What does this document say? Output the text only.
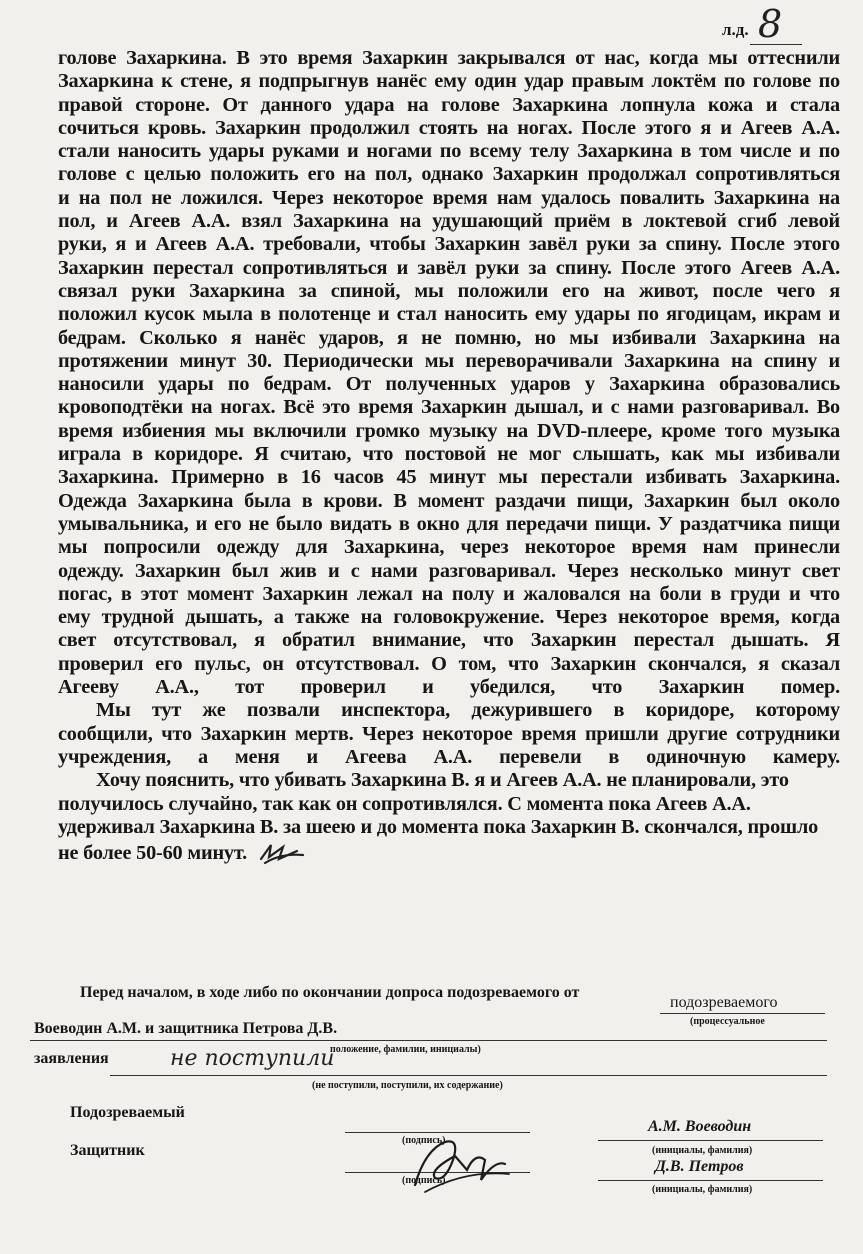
л.д. 8

голове Захаркина. В это время Захаркин закрывался от нас, когда мы оттеснили
Захаркина к стене, я подпрыгнув нанёс ему один удар правым локтём по голове по
правой стороне. От данного удара на голове Захаркина лопнула кожа и стала
сочиться кровь. Захаркин продолжил стоять на ногах. После этого я и Агеев А.А.
стали наносить удары руками и ногами по всему телу Захаркина в том числе и по
голове с целью положить его на пол, однако Захаркин продолжал сопротивляться
и на пол не ложился. Через некоторое время нам удалось повалить Захаркина на
пол, и Агеев А.А. взял Захаркина на удушающий приём в локтевой сгиб левой
руки, я и Агеев А.А. требовали, чтобы Захаркин завёл руки за спину. После этого
Захаркин перестал сопротивляться и завёл руки за спину. После этого Агеев А.А.
связал руки Захаркина за спиной, мы положили его на живот, после чего я
положил кусок мыла в полотенце и стал наносить ему удары по ягодицам, икрам и
бедрам. Сколько я нанёс ударов, я не помню, но мы избивали Захаркина на
протяжении минут 30. Периодически мы переворачивали Захаркина на спину и
наносили удары по бедрам. От полученных ударов у Захаркина образовались
кровоподтёки на ногах. Всё это время Захаркин дышал, и с нами разговаривал. Во
время избиения мы включили громко музыку на DVD-плеере, кроме того музыка
играла в коридоре. Я считаю, что постовой не мог слышать, как мы избивали
Захаркина. Примерно в 16 часов 45 минут мы перестали избивать Захаркина.
Одежда Захаркина была в крови. В момент раздачи пищи, Захаркин был около
умывальника, и его не было видать в окно для передачи пищи. У раздатчика пищи
мы попросили одежду для Захаркина, через некоторое время нам принесли
одежду. Захаркин был жив и с нами разговаривал. Через несколько минут свет
погас, в этот момент Захаркин лежал на полу и жаловался на боли в груди и что
ему трудной дышать, а также на головокружение. Через некоторое время, когда
свет отсутствовал, я обратил внимание, что Захаркин перестал дышать. Я
проверил его пульс, он отсутствовал. О том, что Захаркин скончался, я сказал
Агееву А.А., тот проверил и убедился, что Захаркин помер.

Мы тут же позвали инспектора, дежурившего в коридоре, которому
сообщили, что Захаркин мертв. Через некоторое время пришли другие сотрудники
учреждения, а меня и Агеева А.А. перевели в одиночную камеру.

Хочу пояснить, что убивать Захаркина В. я и Агеев А.А. не планировали, это
получилось случайно, так как он сопротивлялся. С момента пока Агеев А.А.
удерживал Захаркина В. за шеею и до момента пока Захаркин В. скончался, прошло
не более 50-60 минут.

Перед началом, в ходе либо по окончании допроса подозреваемого от
подозреваемого
(процессуальное
Воеводин А.М. и защитника Петрова Д.В.
положение, фамилии, инициалы)
заявления	не поступили
(не поступили, поступили, их содержание)
Подозреваемый
(подпись)
А.М. Воеводин
(инициалы, фамилия)
Защитник
(подпись)
Д.В. Петров
(инициалы, фамилия)
